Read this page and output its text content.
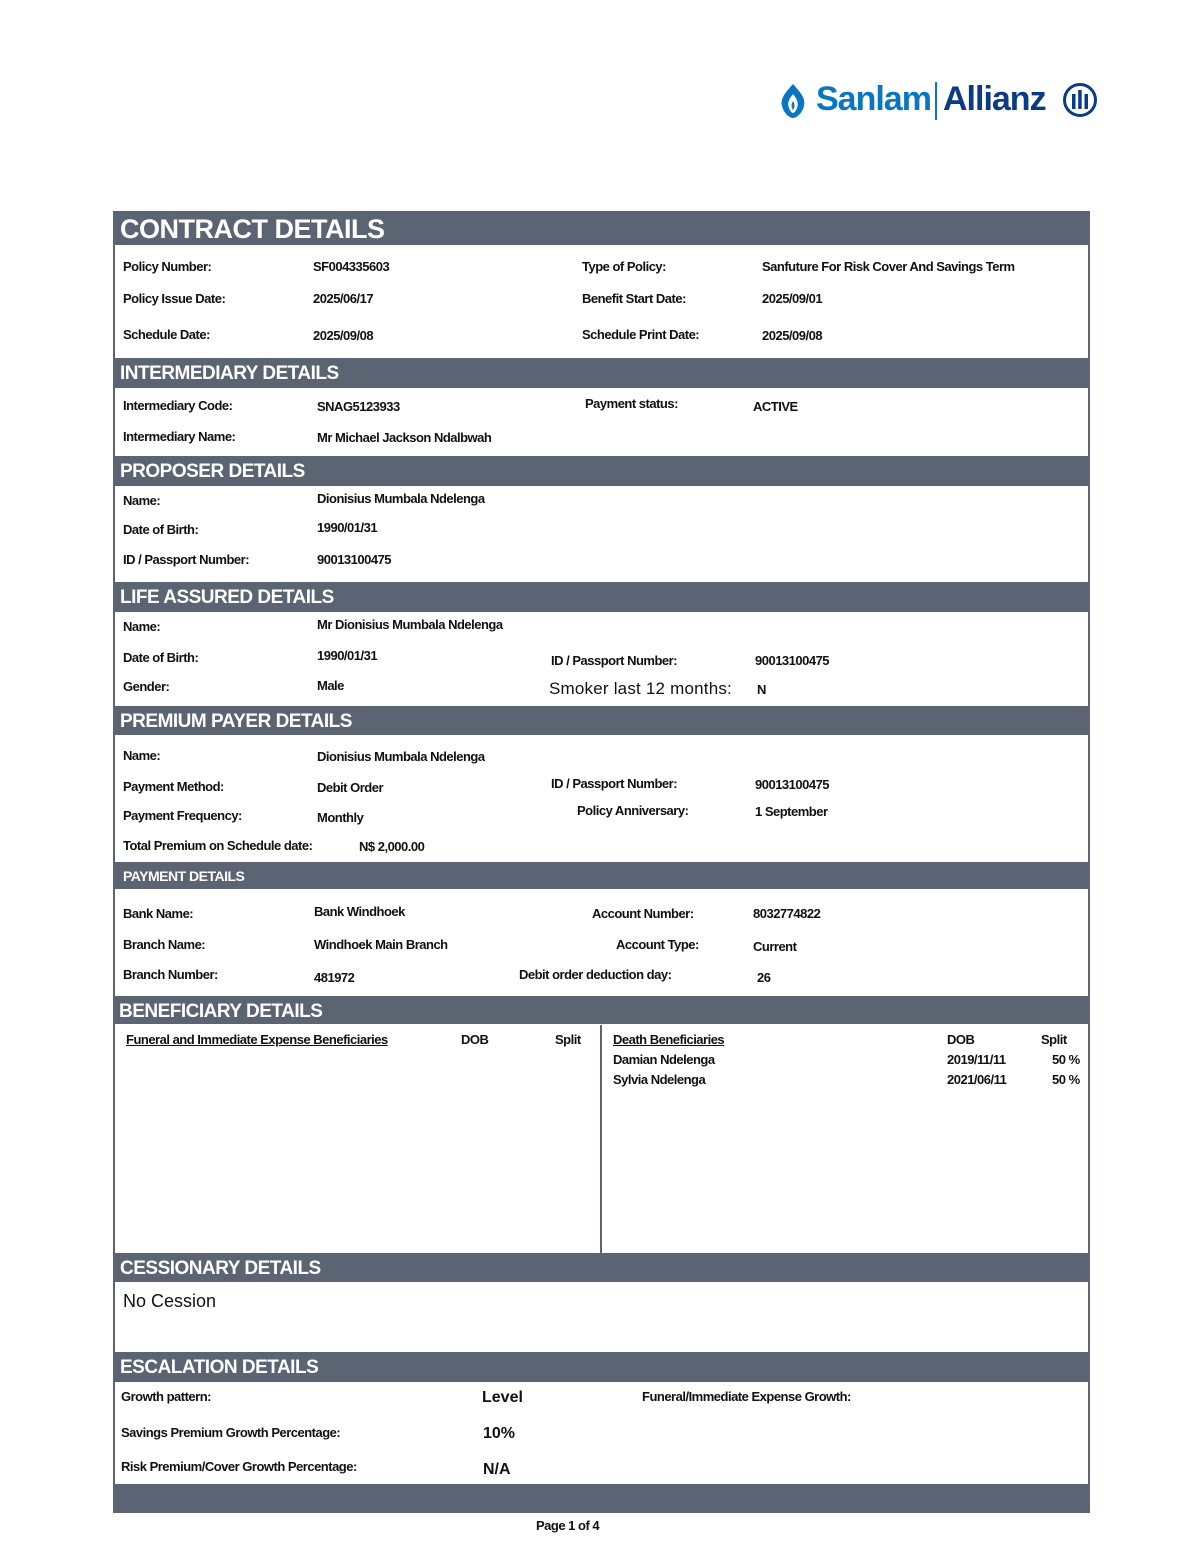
Sanlam Allianz
CONTRACT DETAILS
Policy Number:	SF004335603	Type of Policy:	Sanfuture For Risk Cover And Savings Term
Policy Issue Date:	2025/06/17	Benefit Start Date:	2025/09/01
Schedule Date:	2025/09/08	Schedule Print Date:	2025/09/08
INTERMEDIARY DETAILS
Intermediary Code:	SNAG5123933	Payment status:	ACTIVE
Intermediary Name:	Mr Michael Jackson Ndalbwah
PROPOSER DETAILS
Name:	Dionisius Mumbala Ndelenga
Date of Birth:	1990/01/31
ID / Passport Number:	90013100475
LIFE ASSURED DETAILS
Name:	Mr Dionisius Mumbala Ndelenga
Date of Birth:	1990/01/31	ID / Passport Number:	90013100475
Gender:	Male	Smoker last 12 months: N
PREMIUM PAYER DETAILS
Name:	Dionisius Mumbala Ndelenga
Payment Method:	Debit Order	ID / Passport Number:	90013100475
Payment Frequency:	Monthly	Policy Anniversary:	1 September
Total Premium on Schedule date:	N$ 2,000.00
PAYMENT DETAILS
Bank Name:	Bank Windhoek	Account Number:	8032774822
Branch Name:	Windhoek Main Branch	Account Type:	Current
Branch Number:	481972	Debit order deduction day:	26
BENEFICIARY DETAILS
Funeral and Immediate Expense Beneficiaries	DOB	Split Death Beneficiaries	DOB	Split
Damian Ndelenga	2019/11/11	50 %
Sylvia Ndelenga	2021/06/11	50 %
CESSIONARY DETAILS
No Cession
ESCALATION DETAILS
Growth pattern:	Level	Funeral/Immediate Expense Growth:
Savings Premium Growth Percentage:	10%
Risk Premium/Cover Growth Percentage:	N/A
Page 1 of 4
